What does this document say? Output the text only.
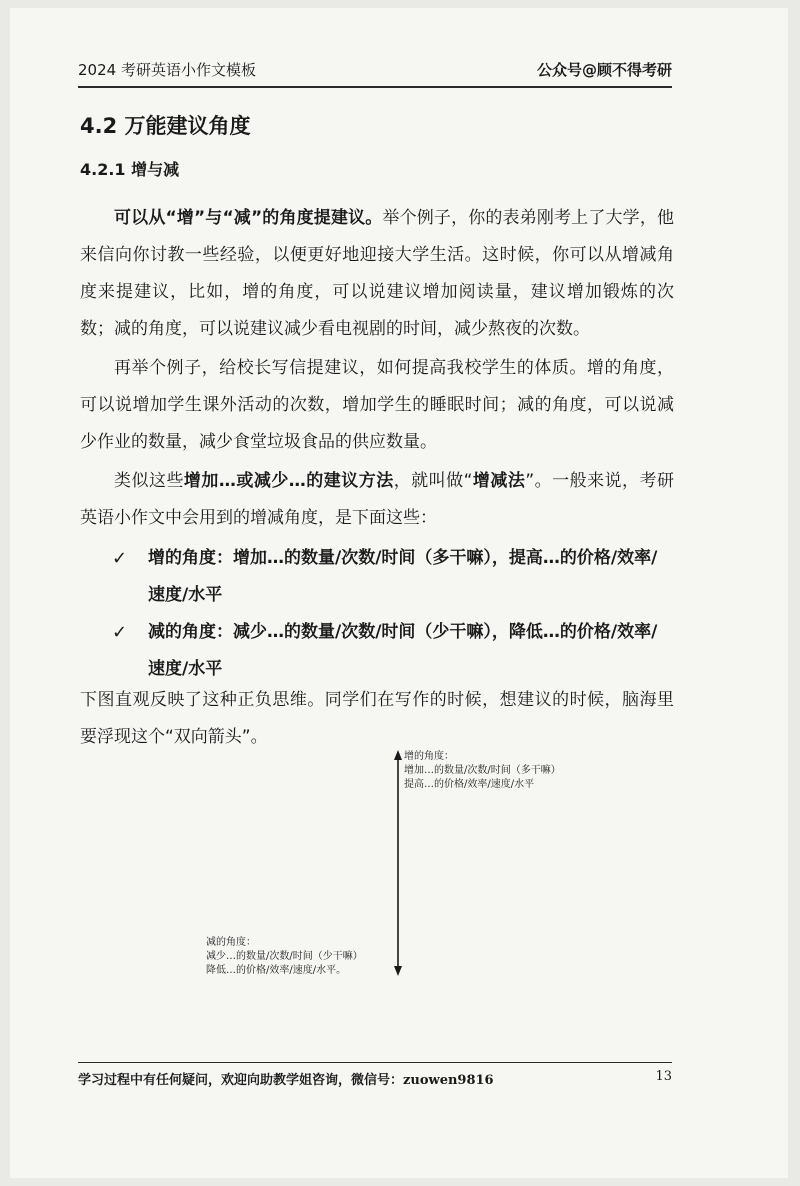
2024 考研英语小作文模板	公众号@顾不得考研
4.2 万能建议角度
4.2.1 增与减
可以从“增”与“减”的角度提建议。举个例子，你的表弟刚考上了大学，他来信向你讨教一些经验，以便更好地迎接大学生活。这时候，你可以从增减角度来提建议，比如，增的角度，可以说建议增加阅读量，建议增加锻炼的次数；减的角度，可以说建议减少看电视剧的时间，减少熬夜的次数。
再举个例子，给校长写信提建议，如何提高我校学生的体质。增的角度，可以说增加学生课外活动的次数，增加学生的睡眠时间；减的角度，可以说减少作业的数量，减少食堂垃圾食品的供应数量。
类似这些增加…或减少…的建议方法，就叫做“增减法”。一般来说，考研英语小作文中会用到的增减角度，是下面这些：
✓ 增的角度：增加…的数量/次数/时间（多干嘛），提高…的价格/效率/速度/水平
✓ 减的角度：减少…的数量/次数/时间（少干嘛），降低…的价格/效率/速度/水平
下图直观反映了这种正负思维。同学们在写作的时候，想建议的时候，脑海里要浮现这个“双向箭头”。
增的角度：
增加…的数量/次数/时间（多干嘛）
提高…的价格/效率/速度/水平
减的角度：
减少…的数量/次数/时间（少干嘛）
降低…的价格/效率/速度/水平。
学习过程中有任何疑问，欢迎向助教学姐咨询，微信号：zuowen9816	13
